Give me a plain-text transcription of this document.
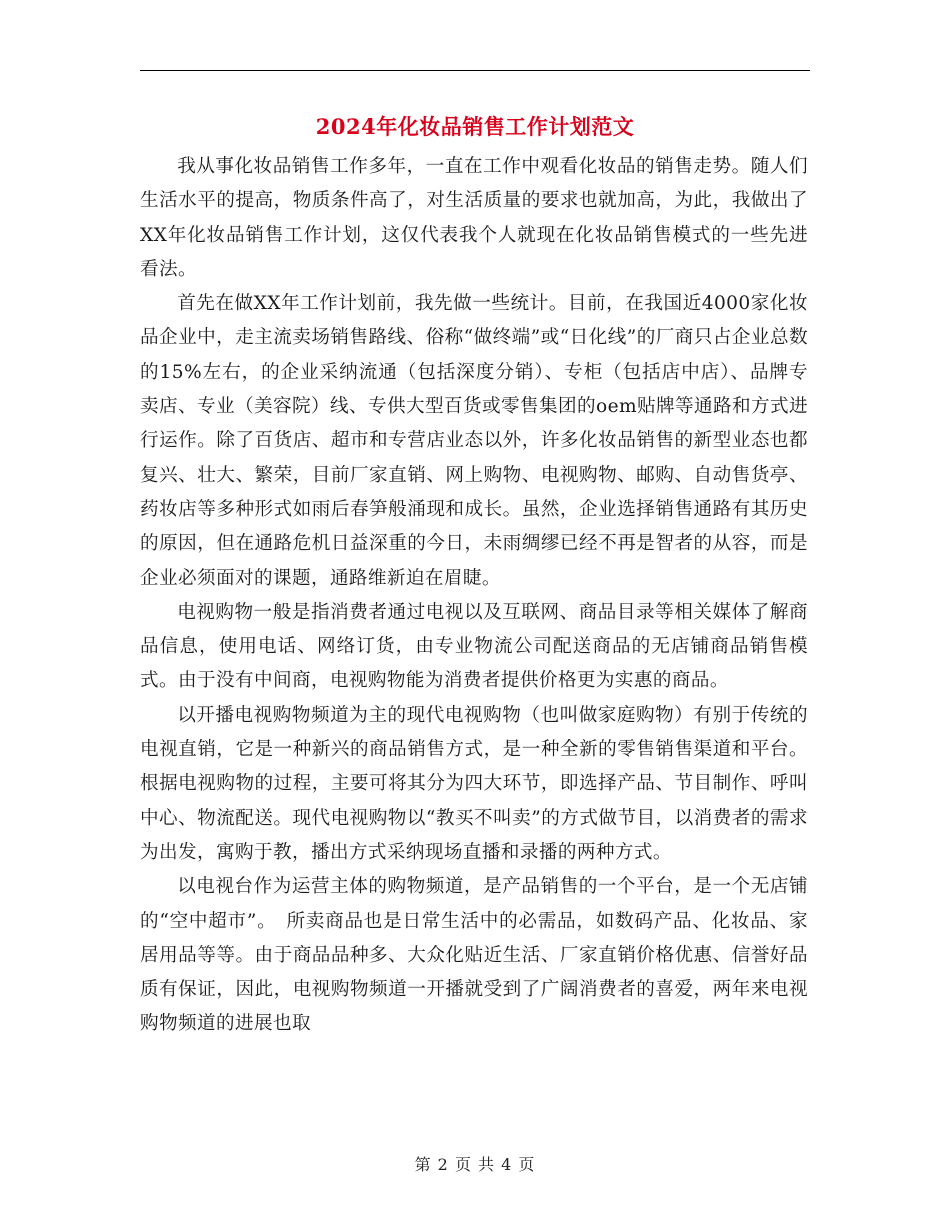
2024年化妆品销售工作计划范文

我从事化妆品销售工作多年，一直在工作中观看化妆品的销售走势。随人们生活水平的提高，物质条件高了，对生活质量的要求也就加高，为此，我做出了XX年化妆品销售工作计划，这仅代表我个人就现在化妆品销售模式的一些先进看法。

首先在做XX年工作计划前，我先做一些统计。目前，在我国近4000家化妆品企业中，走主流卖场销售路线、俗称“做终端”或“日化线”的厂商只占企业总数的15%左右，的企业采纳流通（包括深度分销）、专柜（包括店中店）、品牌专卖店、专业（美容院）线、专供大型百货或零售集团的oem贴牌等通路和方式进行运作。除了百货店、超市和专营店业态以外，许多化妆品销售的新型业态也都复兴、壮大、繁荣，目前厂家直销、网上购物、电视购物、邮购、自动售货亭、药妆店等多种形式如雨后春笋般涌现和成长。虽然，企业选择销售通路有其历史的原因，但在通路危机日益深重的今日，未雨绸缪已经不再是智者的从容，而是企业必须面对的课题，通路维新迫在眉睫。

电视购物一般是指消费者通过电视以及互联网、商品目录等相关媒体了解商品信息，使用电话、网络订货，由专业物流公司配送商品的无店铺商品销售模式。由于没有中间商，电视购物能为消费者提供价格更为实惠的商品。

以开播电视购物频道为主的现代电视购物（也叫做家庭购物）有别于传统的电视直销，它是一种新兴的商品销售方式，是一种全新的零售销售渠道和平台。根据电视购物的过程，主要可将其分为四大环节，即选择产品、节目制作、呼叫中心、物流配送。现代电视购物以“教买不叫卖”的方式做节目，以消费者的需求为出发，寓购于教，播出方式采纳现场直播和录播的两种方式。

以电视台作为运营主体的购物频道，是产品销售的一个平台，是一个无店铺的“空中超市”。　所卖商品也是日常生活中的必需品，如数码产品、化妆品、家居用品等等。由于商品品种多、大众化贴近生活、厂家直销价格优惠、信誉好品质有保证，因此，电视购物频道一开播就受到了广阔消费者的喜爱，两年来电视购物频道的进展也取

第 2 页 共 4 页
